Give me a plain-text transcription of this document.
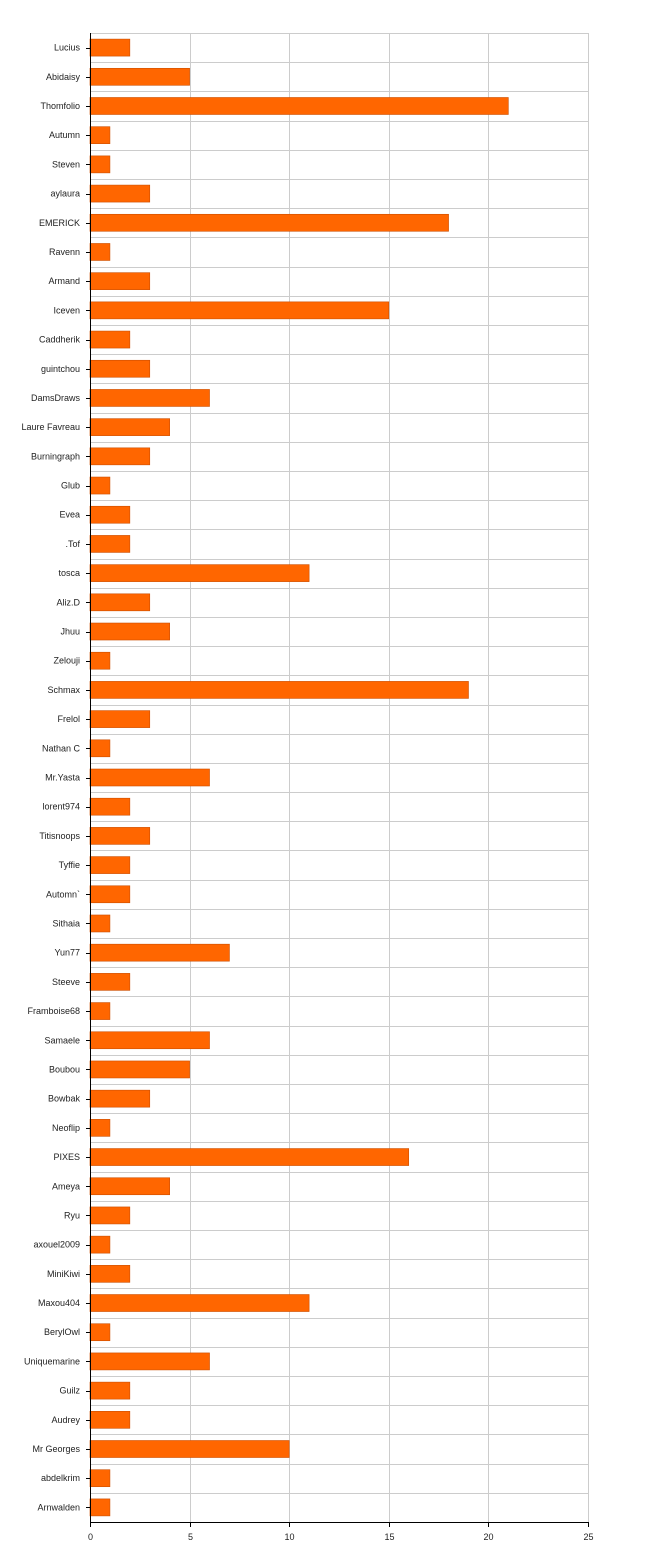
0	5	10	15	20	25
Lucius
Abidaisy
Thomfolio
Autumn
Steven
aylaura
EMERICK
Ravenn
Armand
Iceven
Caddherik
guintchou
DamsDraws
Laure Favreau
Burningraph
Glub
Evea
.Tof
tosca
Aliz.D
Jhuu
Zelouji
Schmax
Frelol
Nathan C
Mr.Yasta
lorent974
Titisnoops
Tyffie
Automn`
Sithaia
Yun77
Steeve
Framboise68
Samaele
Boubou
Bowbak
Neoflip
PIXES
Ameya
Ryu
axouel2009
MiniKiwi
Maxou404
BerylOwl
Uniquemarine
Guilz
Audrey
Mr Georges
abdelkrim
Arnwalden
